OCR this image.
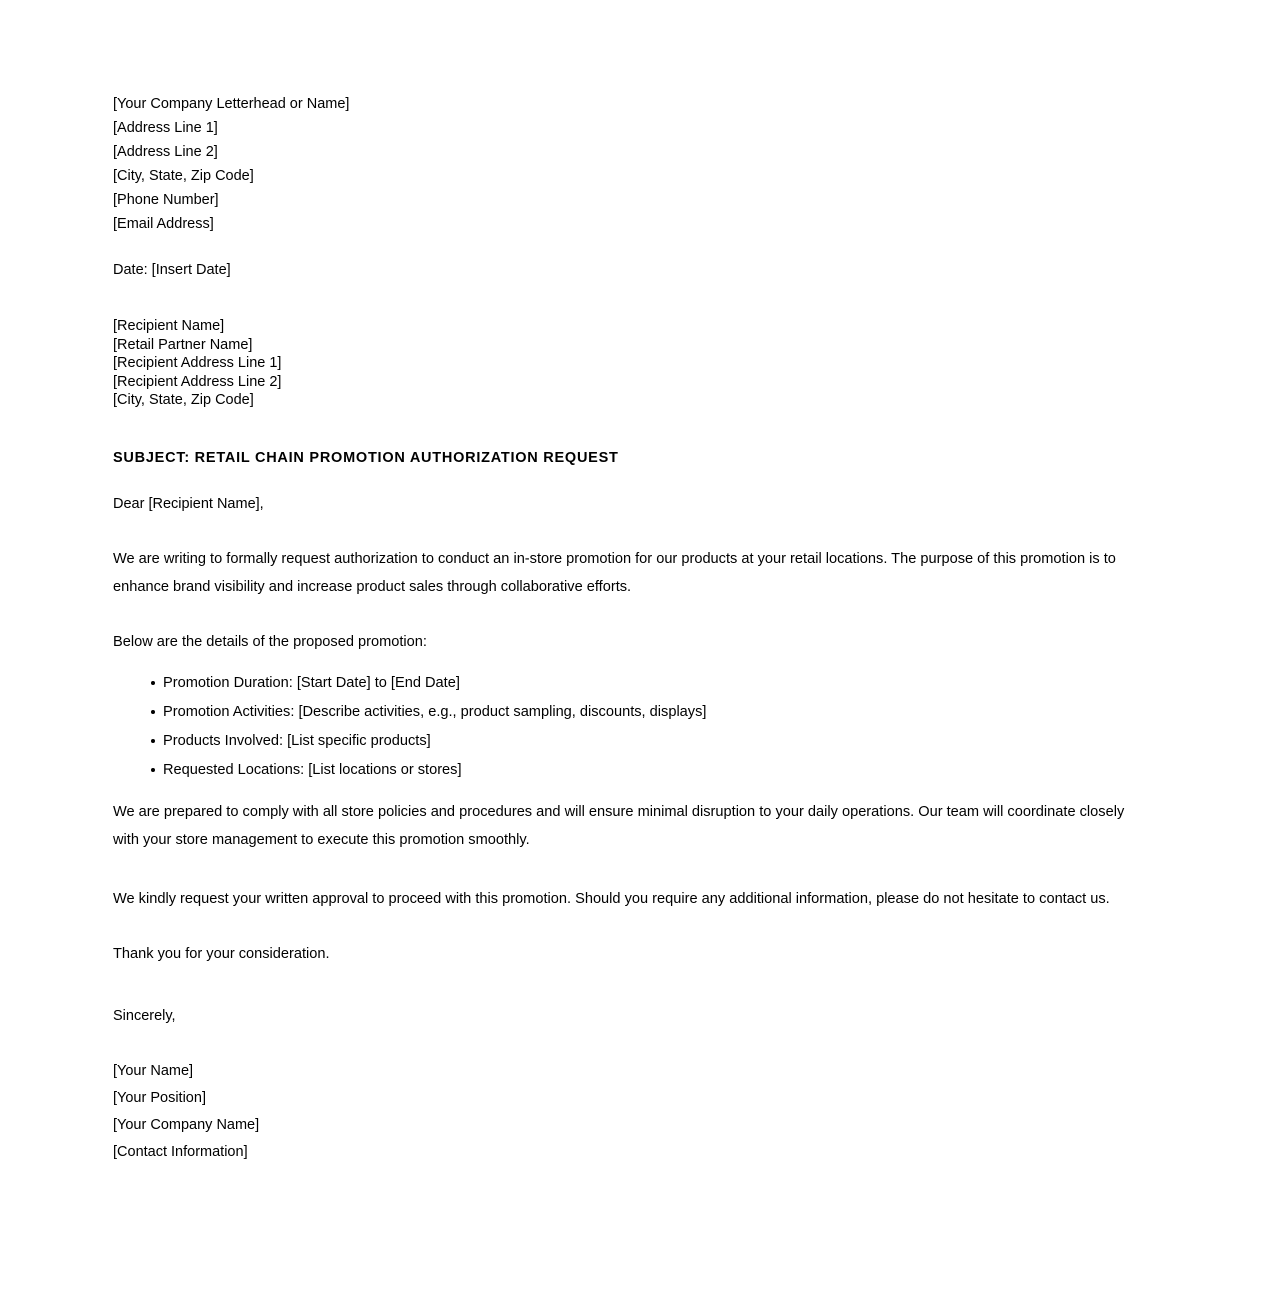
[Your Company Letterhead or Name]
[Address Line 1]
[Address Line 2]
[City, State, Zip Code]
[Phone Number]
[Email Address]
Date: [Insert Date]
[Recipient Name]
[Retail Partner Name]
[Recipient Address Line 1]
[Recipient Address Line 2]
[City, State, Zip Code]
SUBJECT: RETAIL CHAIN PROMOTION AUTHORIZATION REQUEST
Dear [Recipient Name],

We are writing to formally request authorization to conduct an in-store promotion for our products at your retail locations. The purpose of this promotion is to enhance brand visibility and increase product sales through collaborative efforts.

Below are the details of the proposed promotion:

Promotion Duration: [Start Date] to [End Date]
Promotion Activities: [Describe activities, e.g., product sampling, discounts, displays]
Products Involved: [List specific products]
Requested Locations: [List locations or stores]

We are prepared to comply with all store policies and procedures and will ensure minimal disruption to your daily operations. Our team will coordinate closely with your store management to execute this promotion smoothly.

We kindly request your written approval to proceed with this promotion. Should you require any additional information, please do not hesitate to contact us.

Thank you for your consideration.

Sincerely,
[Your Name]
[Your Position]
[Your Company Name]
[Contact Information]
